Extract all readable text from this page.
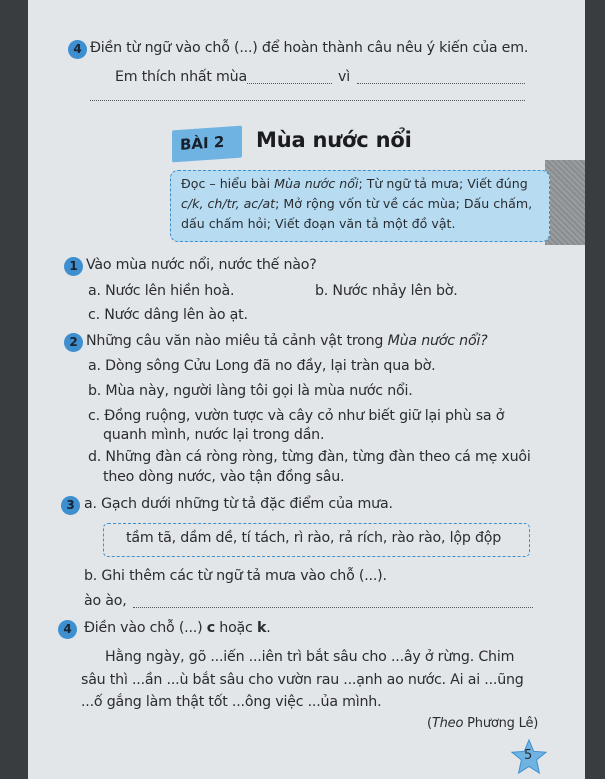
4 Điền từ ngữ vào chỗ (...) để hoàn thành câu nêu ý kiến của em.
Em thích nhất mùa	vì
BÀI 2	Mùa nước nổi
Đọc – hiểu bài Mùa nước nổi; Từ ngữ tả mưa; Viết đúng c/k, ch/tr, ac/at; Mở rộng vốn từ về các mùa; Dấu chấm, dấu chấm hỏi; Viết đoạn văn tả một đồ vật.
1 Vào mùa nước nổi, nước thế nào?
a. Nước lên hiền hoà.	b. Nước nhảy lên bờ.
c. Nước dâng lên ào ạt.
2 Những câu văn nào miêu tả cảnh vật trong Mùa nước nổi?
a. Dòng sông Cửu Long đã no đầy, lại tràn qua bờ.
b. Mùa này, người làng tôi gọi là mùa nước nổi.
c. Đồng ruộng, vườn tược và cây cỏ như biết giữ lại phù sa ở
quanh mình, nước lại trong dần.
d. Những đàn cá ròng ròng, từng đàn, từng đàn theo cá mẹ xuôi
theo dòng nước, vào tận đồng sâu.
3 a. Gạch dưới những từ tả đặc điểm của mưa.
tầm tã, dầm dề, tí tách, rì rào, rả rích, rào rào, lộp độp
b. Ghi thêm các từ ngữ tả mưa vào chỗ (...).
ào ào,
4 Điền vào chỗ (...) c hoặc k.
Hằng ngày, gõ ...iến ...iên trì bắt sâu cho ...ây ở rừng. Chim
sâu thì ...ần ...ù bắt sâu cho vườn rau ...ạnh ao nước. Ai ai ...ũng
...ố gắng làm thật tốt ...ông việc ...ủa mình.
(Theo Phương Lê)
5
